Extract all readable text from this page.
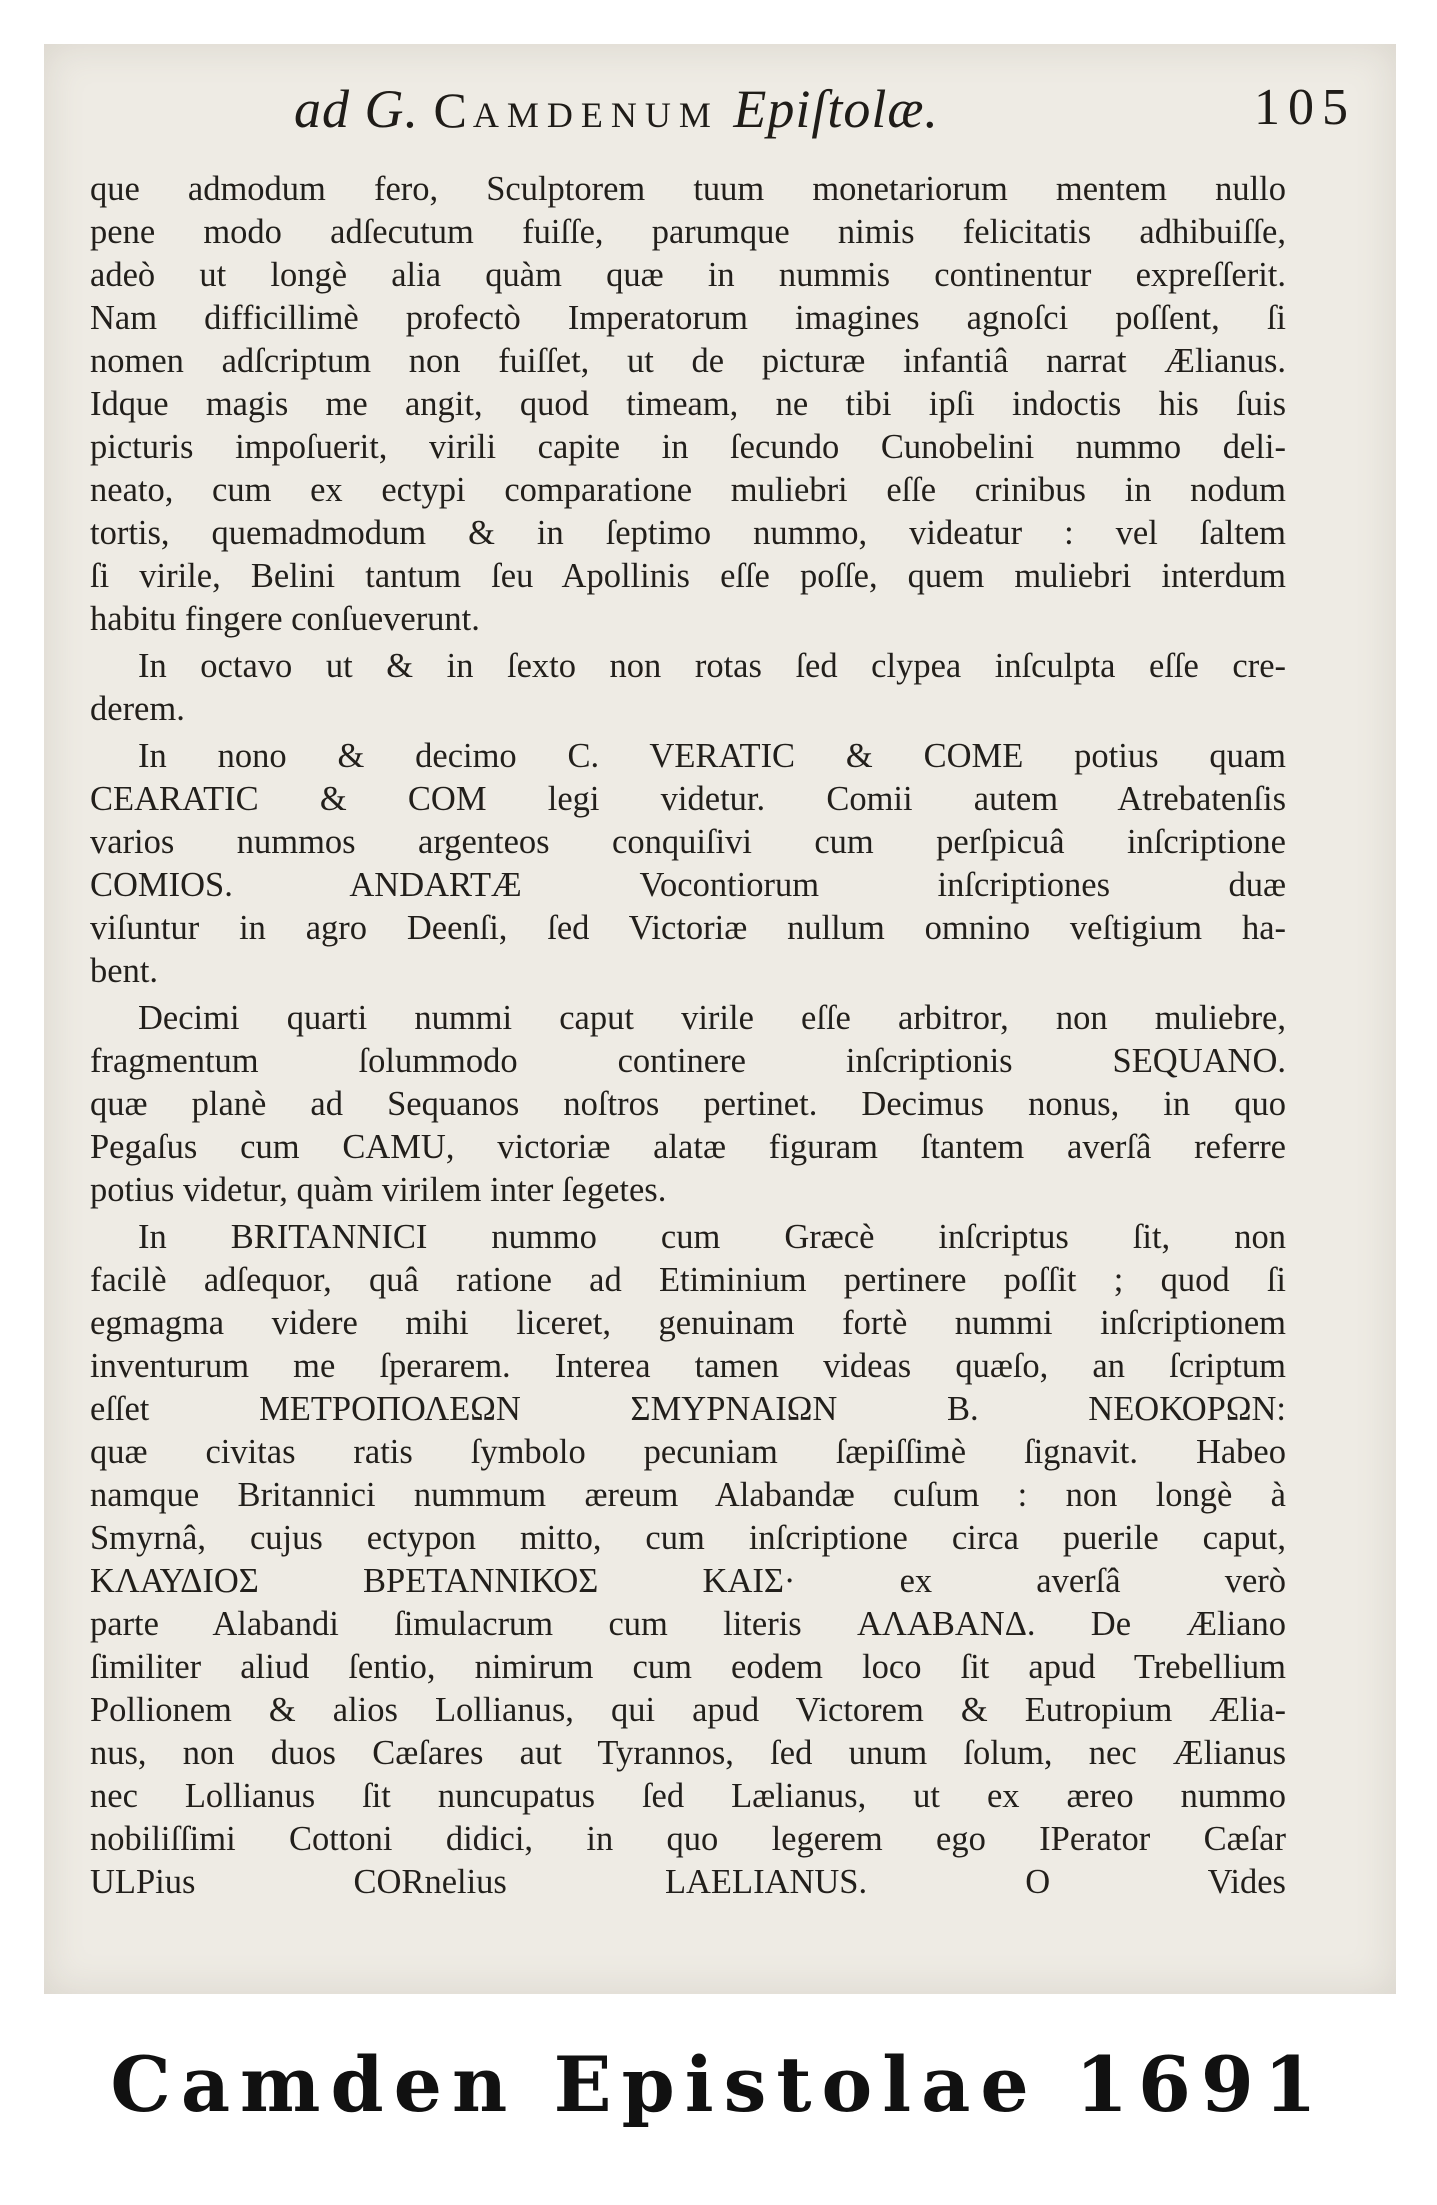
ad G. CAMDENUM Epiſtolæ.	105
que admodum fero, Sculptorem tuum monetariorum mentem nullo
pene modo adſecutum fuiſſe, parumque nimis felicitatis adhibuiſſe,
adeò ut longè alia quàm quæ in nummis continentur expreſſerit.
Nam difficillimè profectò Imperatorum imagines agnoſci poſſent, ſi
nomen adſcriptum non fuiſſet, ut de picturæ infantiâ narrat Ælianus.
Idque magis me angit, quod timeam, ne tibi ipſi indoctis his ſuis
picturis impoſuerit, virili capite in ſecundo Cunobelini nummo deli-
neato, cum ex ectypi comparatione muliebri eſſe crinibus in nodum
tortis, quemadmodum & in ſeptimo nummo, videatur : vel ſaltem
ſi virile, Belini tantum ſeu Apollinis eſſe poſſe, quem muliebri interdum
habitu fingere conſueverunt.
In octavo ut & in ſexto non rotas ſed clypea inſculpta eſſe cre-
derem.
In nono & decimo C. VERATIC & COME potius quam
CEARATIC & COM legi videtur. Comii autem Atrebatenſis
varios nummos argenteos conquiſivi cum perſpicuâ inſcriptione
COMIOS. ANDARTÆ Vocontiorum inſcriptiones duæ
viſuntur in agro Deenſi, ſed Victoriæ nullum omnino veſtigium ha-
bent.
Decimi quarti nummi caput virile eſſe arbitror, non muliebre,
fragmentum ſolummodo continere inſcriptionis SEQUANO.
quæ planè ad Sequanos noſtros pertinet. Decimus nonus, in quo
Pegaſus cum CAMU, victoriæ alatæ figuram ſtantem averſâ referre
potius videtur, quàm virilem inter ſegetes.
In BRITANNICI nummo cum Græcè inſcriptus ſit, non
facilè adſequor, quâ ratione ad Etiminium pertinere poſſit ; quod ſi
egmagma videre mihi liceret, genuinam fortè nummi inſcriptionem
inventurum me ſperarem. Interea tamen videas quæſo, an ſcriptum
eſſet ΜΕΤΡΟΠΟΛΕΩΝ ΣΜΥΡΝΑΙΩΝ Β. ΝΕΟΚΟΡΩΝ:
quæ civitas ratis ſymbolo pecuniam ſæpiſſimè ſignavit. Habeo
namque Britannici nummum æreum Alabandæ cuſum : non longè à
Smyrnâ, cujus ectypon mitto, cum inſcriptione circa puerile caput,
ΚΛΑΥΔΙΟΣ ΒΡΕΤΑΝΝΙΚΟΣ ΚΑΙΣ· ex averſâ verò
parte Alabandi ſimulacrum cum literis ΑΛΑΒΑΝΔ. De Æliano
ſimiliter aliud ſentio, nimirum cum eodem loco ſit apud Trebellium
Pollionem & alios Lollianus, qui apud Victorem & Eutropium Ælia-
nus, non duos Cæſares aut Tyrannos, ſed unum ſolum, nec Ælianus
nec Lollianus ſit nuncupatus ſed Lælianus, ut ex æreo nummo
nobiliſſimi Cottoni didici, in quo legerem ego IPerator Cæſar
ULPius CORnelius LAELIANUS. O Vides
Camden Epistolae 1691
